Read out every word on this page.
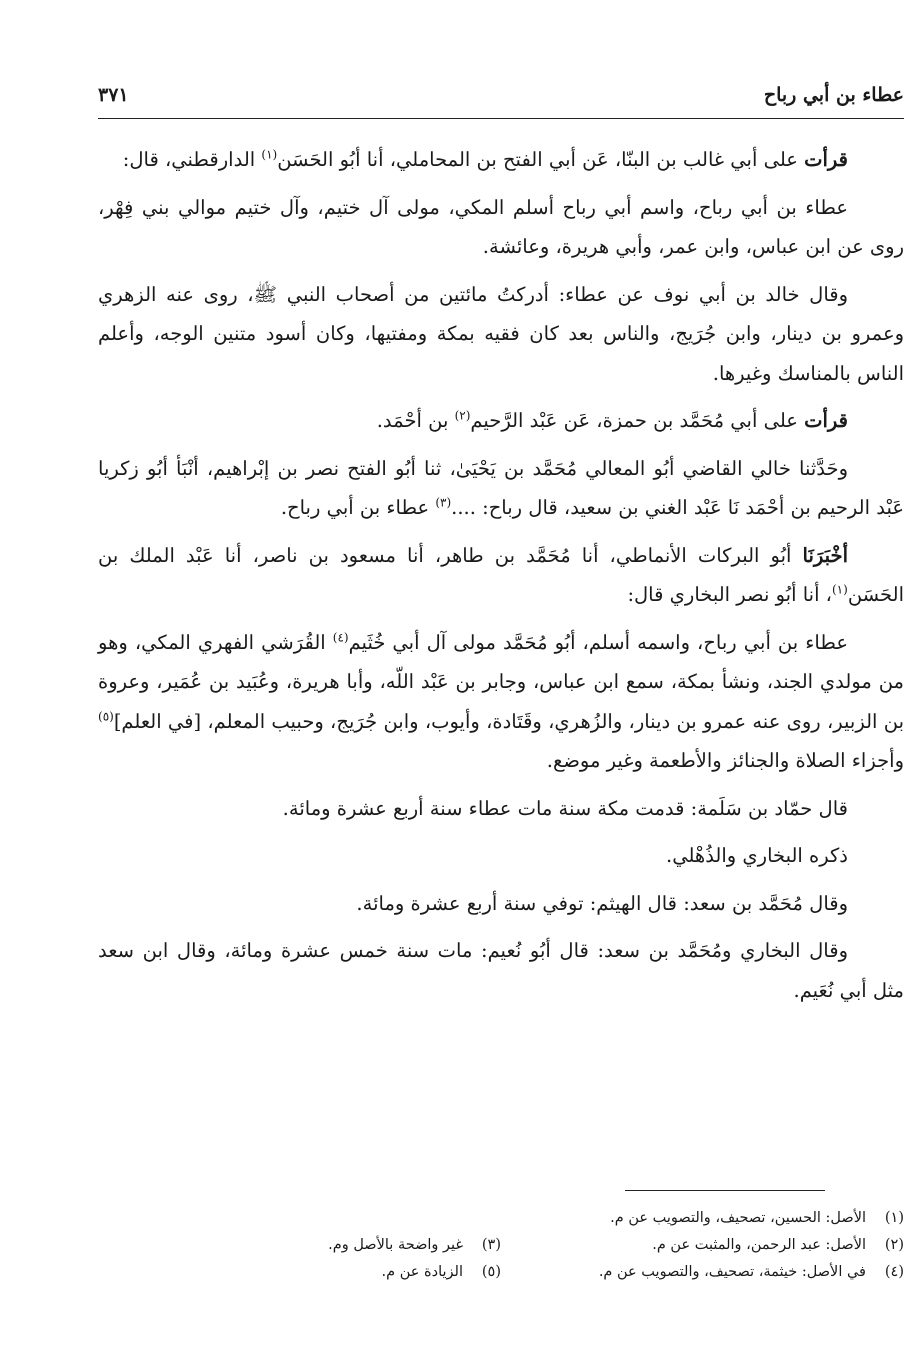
عطاء بن أبي رباح
٣٧١

قرأت على أبي غالب بن البنّا، عَن أبي الفتح بن المحاملي، أنا أبُو الحَسَن$^{(١)}$ الدارقطني، قال:

عطاء بن أبي رباح، واسم أبي رباح أسلم المكي، مولى آل ختيم، وآل ختيم موالي بني فِهْر، روى عن ابن عباس، وابن عمر، وأبي هريرة، وعائشة.

وقال خالد بن أبي نوف عن عطاء: أدركتُ مائتين من أصحاب النبي ﷺ، روى عنه الزهري وعمرو بن دينار، وابن جُرَيج، والناس بعد كان فقيه بمكة ومفتيها، وكان أسود متنين الوجه، وأعلم الناس بالمناسك وغيرها.

قرأت على أبي مُحَمَّد بن حمزة، عَن عَبْد الرَّحيم$^{(٢)}$ بن أحْمَد.

وحَدَّثنا خالي القاضي أبُو المعالي مُحَمَّد بن يَحْيَىٰ، ثنا أبُو الفتح نصر بن إبْراهيم، أنْبَأ أبُو زكريا عَبْد الرحيم بن أحْمَد نَا عَبْد الغني بن سعيد، قال رباح: ....$^{(٣)}$ عطاء بن أبي رباح.

أخْبَرَنَا أبُو البركات الأنماطي، أنا مُحَمَّد بن طاهر، أنا مسعود بن ناصر، أنا عَبْد الملك بن الحَسَن$^{(١)}$، أنا أبُو نصر البخاري قال:

عطاء بن أبي رباح، واسمه أسلم، أبُو مُحَمَّد مولى آل أبي خُثَيم$^{(٤)}$ القُرَشي الفهري المكي، وهو من مولدي الجند، ونشأ بمكة، سمع ابن عباس، وجابر بن عَبْد اللّه، وأبا هريرة، وعُبَيد بن عُمَير، وعروة بن الزبير، روى عنه عمرو بن دينار، والزُهري، وقَتَادة، وأيوب، وابن جُرَيج، وحبيب المعلم، [في العلم]$^{(٥)}$ وأجزاء الصلاة والجنائز والأطعمة وغير موضع.

قال حمّاد بن سَلَمة: قدمت مكة سنة مات عطاء سنة أربع عشرة ومائة.

ذكره البخاري والذُهْلي.

وقال مُحَمَّد بن سعد: قال الهيثم: توفي سنة أربع عشرة ومائة.

وقال البخاري ومُحَمَّد بن سعد: قال أبُو نُعيم: مات سنة خمس عشرة ومائة، وقال ابن سعد مثل أبي نُعَيم.

(١)
الأصل: الحسين، تصحيف، والتصويب عن م.
(٢)
الأصل: عبد الرحمن، والمثبت عن م.
(٣)
غير واضحة بالأصل وم.
(٤)
في الأصل: خيثمة، تصحيف، والتصويب عن م.
(٥)
الزيادة عن م.
